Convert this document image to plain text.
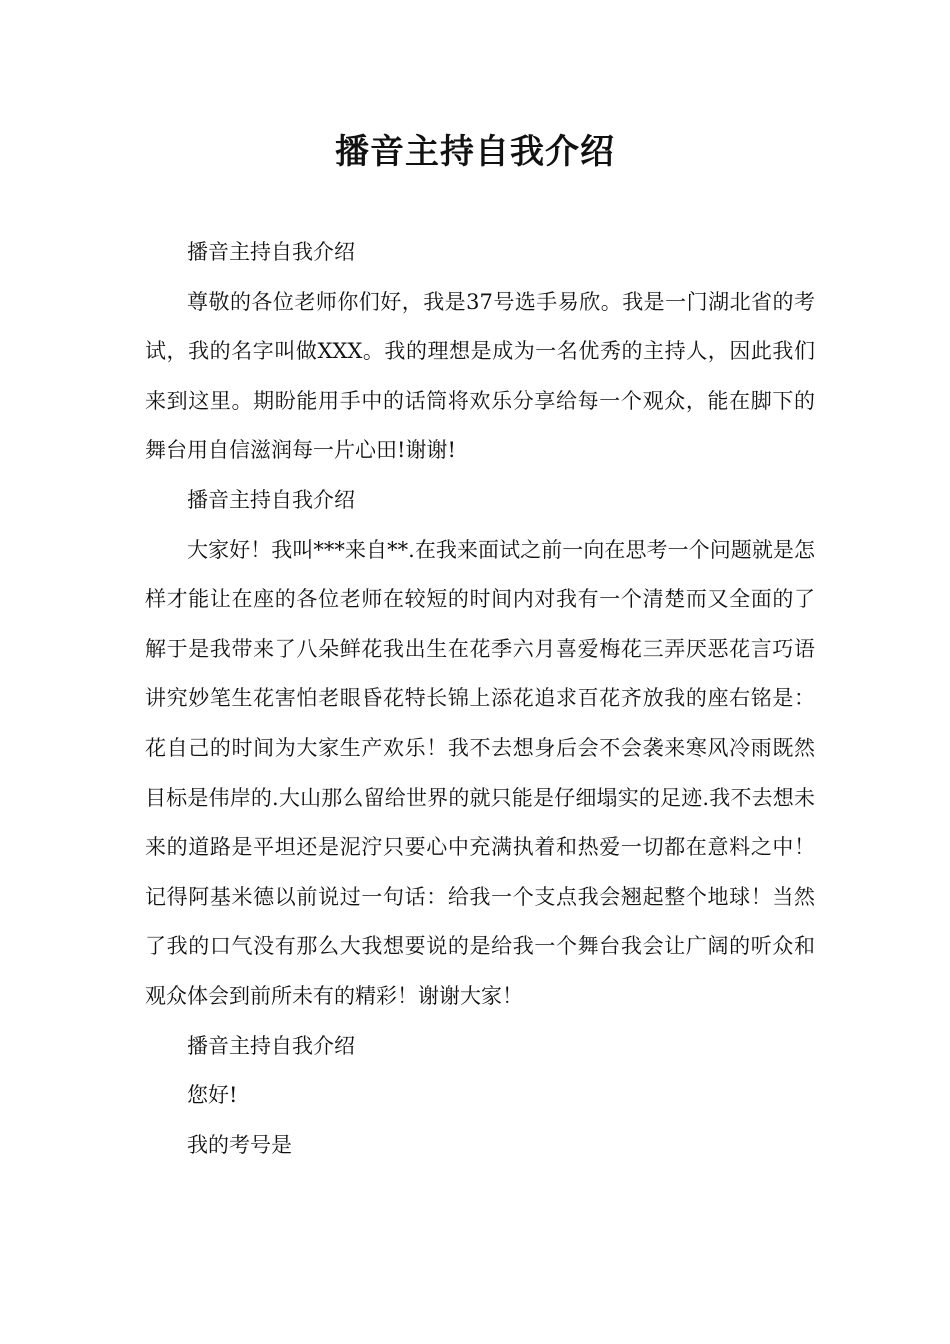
播音主持自我介绍

播音主持自我介绍

尊敬的各位老师你们好，我是37号选手易欣。我是一门湖北省的考试，我的名字叫做XXX。我的理想是成为一名优秀的主持人，因此我们来到这里。期盼能用手中的话筒将欢乐分享给每一个观众，能在脚下的舞台用自信滋润每一片心田!谢谢!

播音主持自我介绍

大家好！我叫***来自**.在我来面试之前一向在思考一个问题就是怎样才能让在座的各位老师在较短的时间内对我有一个清楚而又全面的了解于是我带来了八朵鲜花我出生在花季六月喜爱梅花三弄厌恶花言巧语讲究妙笔生花害怕老眼昏花特长锦上添花追求百花齐放我的座右铭是：花自己的时间为大家生产欢乐！我不去想身后会不会袭来寒风冷雨既然目标是伟岸的.大山那么留给世界的就只能是仔细塌实的足迹.我不去想未来的道路是平坦还是泥泞只要心中充满执着和热爱一切都在意料之中！记得阿基米德以前说过一句话：给我一个支点我会翘起整个地球！当然了我的口气没有那么大我想要说的是给我一个舞台我会让广阔的听众和观众体会到前所未有的精彩！谢谢大家！

播音主持自我介绍

您好!

我的考号是
